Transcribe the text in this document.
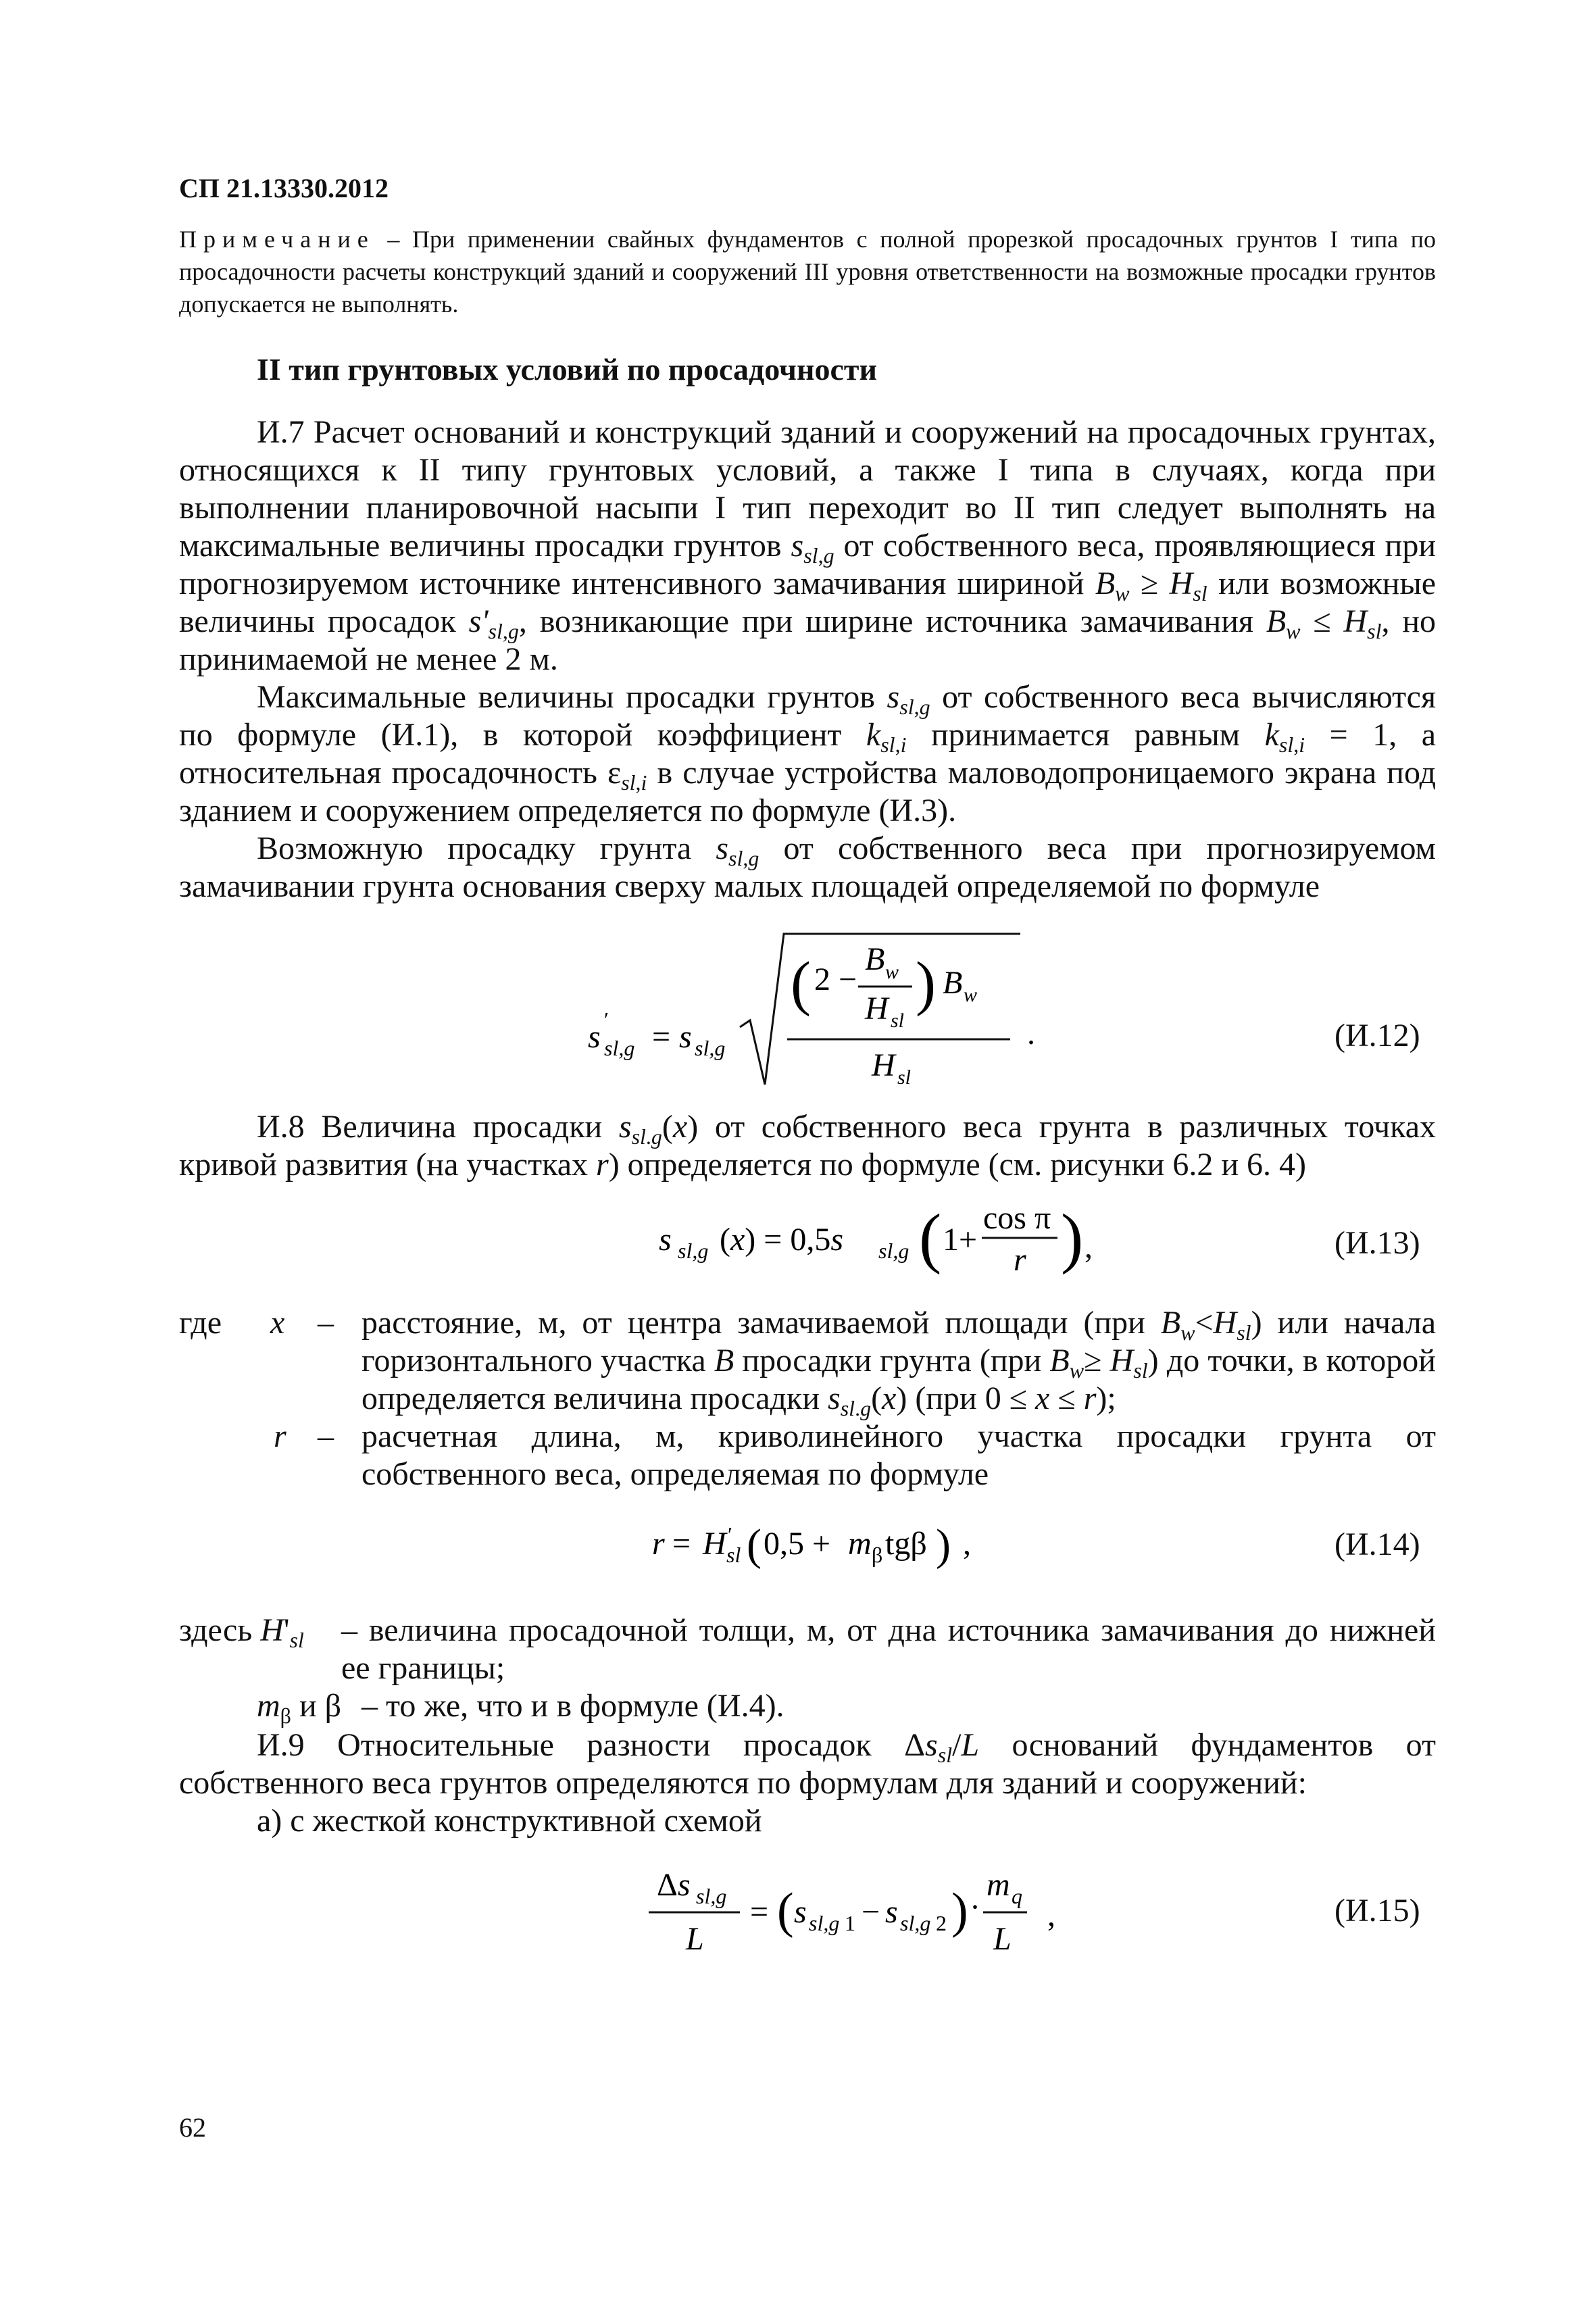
СП 21.13330.2012
Примечание – При применении свайных фундаментов с полной прорезкой просадочных грунтов I типа по просадочности расчеты конструкций зданий и сооружений III уровня ответственности на возможные просадки грунтов допускается не выполнять.
II тип грунтовых условий по просадочности
И.7 Расчет оснований и конструкций зданий и сооружений на просадочных грунтах, относящихся к II типу грунтовых условий, а также I типа в случаях, когда при выполнении планировочной насыпи I тип переходит во II тип следует выполнять на максимальные величины просадки грунтов $s_{sl,g}$ от собственного веса, проявляющиеся при прогнозируемом источнике интенсивного замачивания шириной $B_w \ge H_{sl}$ или возможные величины просадок $s'_{sl,g}$, возникающие при ширине источника замачивания $B_w \le H_{sl}$, но принимаемой не менее 2 м.
Максимальные величины просадки грунтов $s_{sl,g}$ от собственного веса вычисляются по формуле (И.1), в которой коэффициент $k_{sl,i}$ принимается равным $k_{sl,i} = 1$, а относительная просадочность $\varepsilon_{sl,i}$ в случае устройства маловодопроницаемого экрана под зданием и сооружением определяется по формуле (И.3).
Возможную просадку грунта $s_{sl,g}$ от собственного веса при прогнозируемом замачивании грунта основания сверху малых площадей определяемой по формуле
s ′
sl,g = s sl,g
( 2 −
B w
H sl
) B w
H sl
.	(И.12)
И.8 Величина просадки $s_{sl.g}(x)$ от собственного веса грунта в различных точках кривой развития (на участках r) определяется по формуле (см. рисунки 6.2 и 6. 4)
s sl,g (x) = 0,5s sl,g ( 1+
cos π
r ) ,	(И.13)
где x – расстояние, м, от центра замачиваемой площади (при $B_w<H_{sl}$) или начала горизонтального участка B просадки грунта (при $B_w\ge H_{sl}$) до точки, в которой определяется величина просадки $s_{sl.g}(x)$ (при 0 ≤ x ≤ r);
r – расчетная длина, м, криволинейного участка просадки грунта от собственного веса, определяемая по формуле
r = H ′
sl ( 0,5 + m β tgβ ) ,	(И.14)
здесь $H'_{sl}$ – величина просадочной толщи, м, от дна источника замачивания до нижней ее границы;
$m_\beta$ и β – то же, что и в формуле (И.4).
И.9 Относительные разности просадок $\Delta s_{sl}/L$ оснований фундаментов от собственного веса грунтов определяются по формулам для зданий и сооружений:
а) с жесткой конструктивной схемой
Δs sl,g
L
= ( s sl,g 1 − s sl,g 2 ) ·
m q
L
,	(И.15)
62
